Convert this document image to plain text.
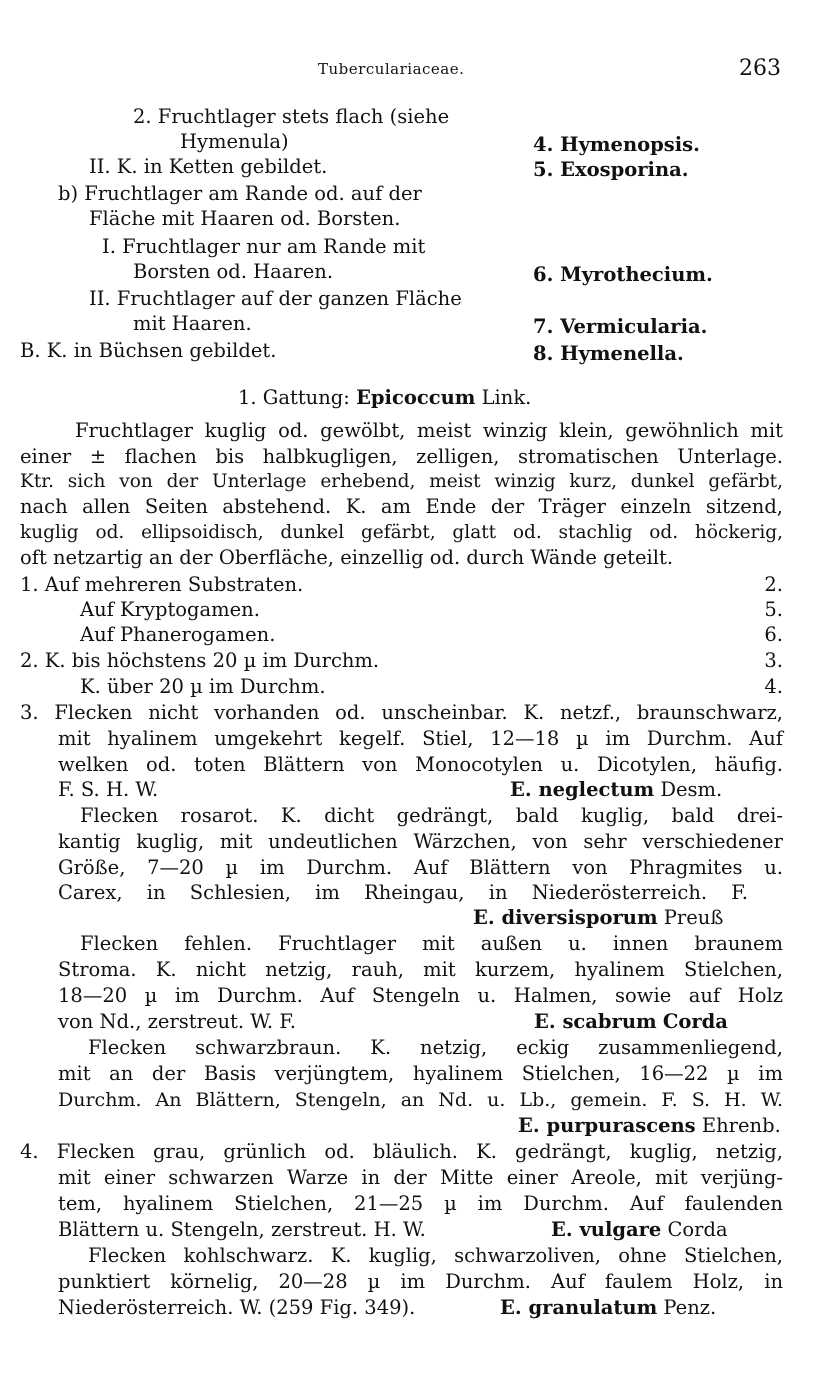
Tuberculariaceae.	263
2. Fruchtlager stets flach (siehe
Hymenula)	4. Hymenopsis.
II. K. in Ketten gebildet.	5. Exosporina.
b) Fruchtlager am Rande od. auf der
Fläche mit Haaren od. Borsten.
I. Fruchtlager nur am Rande mit
Borsten od. Haaren.	6. Myrothecium.
II. Fruchtlager auf der ganzen Fläche
mit Haaren.	7. Vermicularia.
B. K. in Büchsen gebildet.	8. Hymenella.
1. Gattung: Epicoccum Link.
Fruchtlager kuglig od. gewölbt, meist winzig klein, gewöhnlich mit
einer ± flachen bis halbkugligen, zelligen, stromatischen Unterlage.
Ktr. sich von der Unterlage erhebend, meist winzig kurz, dunkel gefärbt,
nach allen Seiten abstehend. K. am Ende der Träger einzeln sitzend,
kuglig od. ellipsoidisch, dunkel gefärbt, glatt od. stachlig od. höckerig,
oft netzartig an der Oberfläche, einzellig od. durch Wände geteilt.
1. Auf mehreren Substraten.	2.
Auf Kryptogamen.	5.
Auf Phanerogamen.	6.
2. K. bis höchstens 20 µ im Durchm.	3.
K. über 20 µ im Durchm.	4.
3. Flecken nicht vorhanden od. unscheinbar. K. netzf., braunschwarz,
mit hyalinem umgekehrt kegelf. Stiel, 12—18 µ im Durchm. Auf
welken od. toten Blättern von Monocotylen u. Dicotylen, häufig.
F. S. H. W.	E. neglectum Desm.
Flecken rosarot. K. dicht gedrängt, bald kuglig, bald drei-
kantig kuglig, mit undeutlichen Wärzchen, von sehr verschiedener
Größe, 7—20 µ im Durchm. Auf Blättern von Phragmites u.
Carex, in Schlesien, im Rheingau, in Niederösterreich. F.
E. diversisporum Preuß
Flecken fehlen. Fruchtlager mit außen u. innen braunem
Stroma. K. nicht netzig, rauh, mit kurzem, hyalinem Stielchen,
18—20 µ im Durchm. Auf Stengeln u. Halmen, sowie auf Holz
von Nd., zerstreut. W. F.	E. scabrum Corda
Flecken schwarzbraun. K. netzig, eckig zusammenliegend,
mit an der Basis verjüngtem, hyalinem Stielchen, 16—22 µ im
Durchm. An Blättern, Stengeln, an Nd. u. Lb., gemein. F. S. H. W.
E. purpurascens Ehrenb.
4. Flecken grau, grünlich od. bläulich. K. gedrängt, kuglig, netzig,
mit einer schwarzen Warze in der Mitte einer Areole, mit verjüng-
tem, hyalinem Stielchen, 21—25 µ im Durchm. Auf faulenden
Blättern u. Stengeln, zerstreut. H. W.	E. vulgare Corda
Flecken kohlschwarz. K. kuglig, schwarzoliven, ohne Stielchen,
punktiert körnelig, 20—28 µ im Durchm. Auf faulem Holz, in
Niederösterreich. W. (259 Fig. 349).	E. granulatum Penz.
